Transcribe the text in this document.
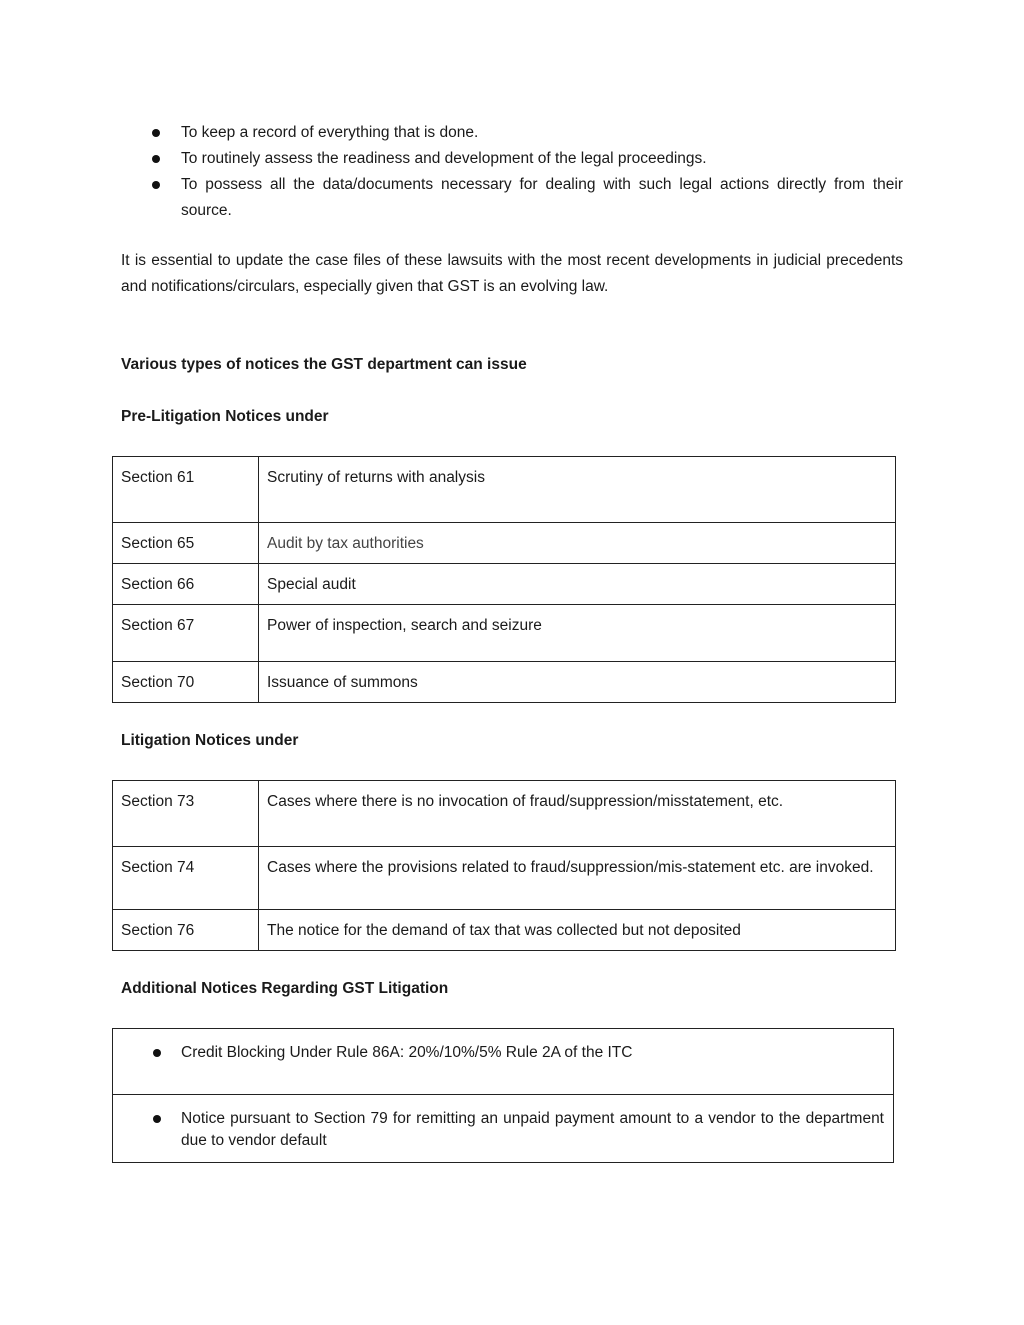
To keep a record of everything that is done.
To routinely assess the readiness and development of the legal proceedings.
To possess all the data/documents necessary for dealing with such legal actions directly from their source.

It is essential to update the case files of these lawsuits with the most recent developments in judicial precedents and notifications/circulars, especially given that GST is an evolving law.

Various types of notices the GST department can issue
Pre-Litigation Notices under
Section 61	Scrutiny of returns with analysis
Section 65	Audit by tax authorities
Section 66	Special audit
Section 67	Power of inspection, search and seizure
Section 70	Issuance of summons
Litigation Notices under
Section 73	Cases where there is no invocation of fraud/suppression/misstatement, etc.
Section 74	Cases where the provisions related to fraud/suppression/mis-statement etc. are invoked.
Section 76	The notice for the demand of tax that was collected but not deposited
Additional Notices Regarding GST Litigation
Credit Blocking Under Rule 86A: 20%/10%/5% Rule 2A of the ITC

Notice pursuant to Section 79 for remitting an unpaid payment amount to a vendor to the department due to vendor default
